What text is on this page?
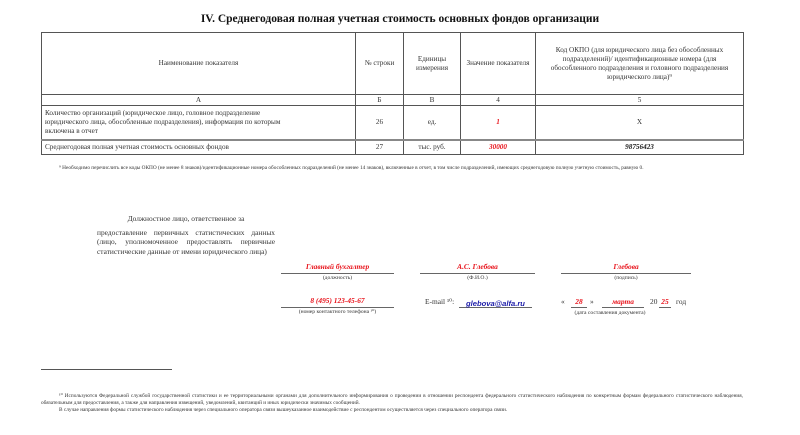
IV. Среднегодовая полная учетная стоимость основных фондов организации
Наименование показателя	№ строки	Единицы измерения	Значение показателя	Код ОКПО (для юридического лица без обособленных подразделений)/ идентификационные номера (для обособленного подразделения и головного подразделения юридического лица)⁹
А	Б	В	4	5
Количество организаций (юридическое лицо, головное подразделение юридического лица, обособленные подразделения), информация по которым включена в отчет	26	ед.	1	X
Среднегодовая полная учетная стоимость основных фондов	27	тыс. руб.	30000	98756423
⁹ Необходимо перечислить все коды ОКПО (не менее 8 знаков)/идентификационные номера обособленных подразделений (не менее 14 знаков), включенные в отчет, в том числе подразделений, имеющих среднегодовую полную учетную стоимость, равную 0.
Должностное лицо, ответственное за
предоставление первичных статистических данных (лицо, уполномоченное предоставлять первичные статистические данные от имени юридического лица)
Главный бухгалтер
(должность)
А.С. Глебова
(Ф.И.О.)
Глебова
(подпись)
8 (495) 123-45-67
(номер контактного телефона ¹⁰)
E-mail ¹⁰:	glebova@alfa.ru	«	28 »	марта	20 25 год
(дата составления документа)
¹⁰ Используются Федеральной службой государственной статистики и ее территориальными органами для дополнительного информирования о проведении в отношении респондента федерального статистического наблюдения по конкретным формам федерального статистического наблюдения, обязательным для предоставления, а также для направления извещений, уведомлений, квитанций и иных юридически значимых сообщений.
В случае направления формы статистического наблюдения через специального оператора связи вышеуказанное взаимодействие с респондентом осуществляется через специального оператора связи.
